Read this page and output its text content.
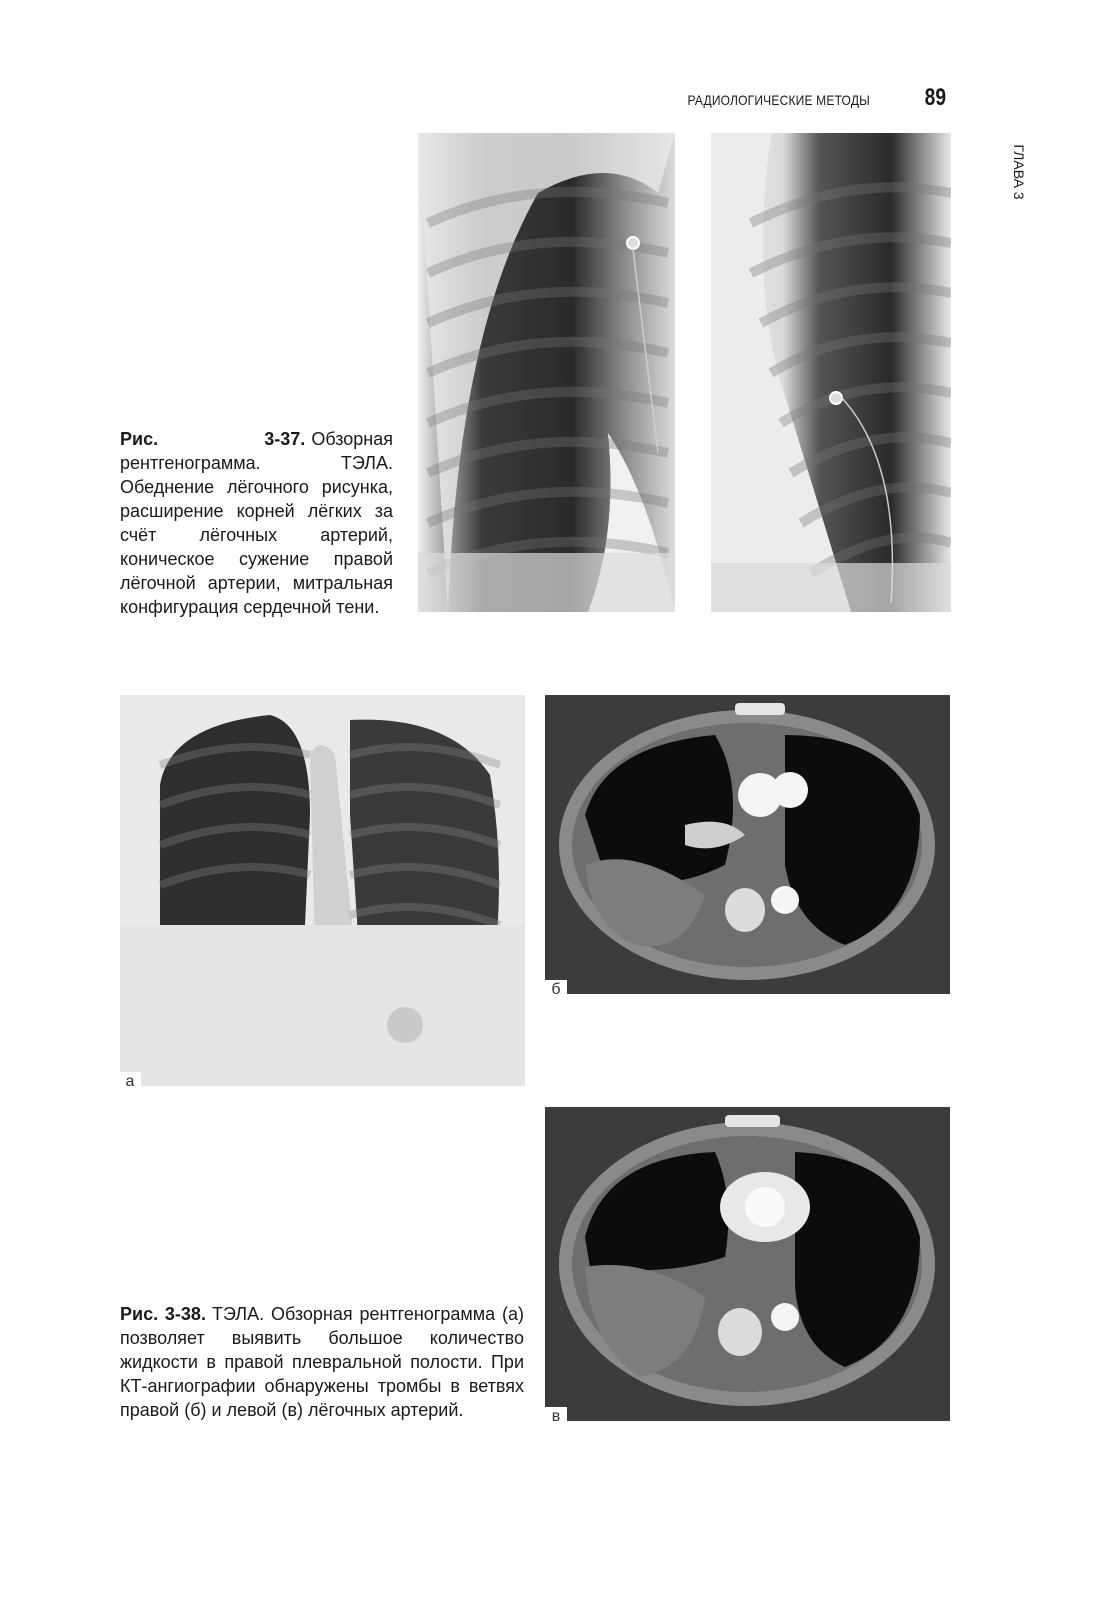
РАДИОЛОГИЧЕСКИЕ МЕТОДЫ	89
ГЛАВА 3
Рис. 3-37. Обзорная рентгенограмма. ТЭЛА. Обеднение лёгочного рисунка, расширение корней лёгких за счёт лёгочных артерий, коническое сужение правой лёгочной артерии, митральная конфигурация сердечной тени.
б
а
в
Рис. 3-38. ТЭЛА. Обзорная рентгенограмма (а) позволяет выявить большое количество жидкости в правой плевральной полости. При КТ-ангиографии обнаружены тромбы в ветвях правой (б) и левой (в) лёгочных артерий.
